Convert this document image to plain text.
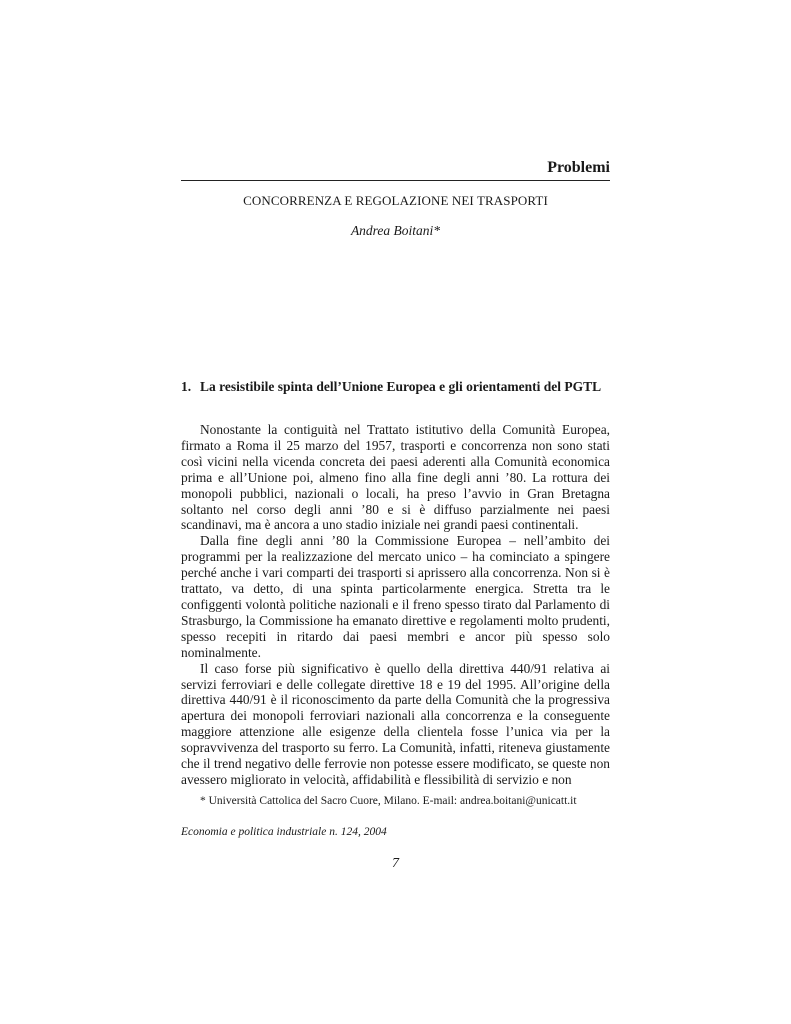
Problemi
CONCORRENZA E REGOLAZIONE NEI TRASPORTI
Andrea Boitani*
1. La resistibile spinta dell’Unione Europea e gli orientamenti del PGTL

Nonostante la contiguità nel Trattato istitutivo della Comunità Europea, firmato a Roma il 25 marzo del 1957, trasporti e concorrenza non sono stati così vicini nella vicenda concreta dei paesi aderenti alla Comunità economica prima e all’Unione poi, almeno fino alla fine degli anni ’80. La rottura dei monopoli pubblici, nazionali o locali, ha preso l’avvio in Gran Bretagna soltanto nel corso degli anni ’80 e si è diffuso parzialmente nei paesi scandinavi, ma è ancora a uno stadio iniziale nei grandi paesi continentali.

Dalla fine degli anni ’80 la Commissione Europea – nell’ambito dei programmi per la realizzazione del mercato unico – ha cominciato a spingere perché anche i vari comparti dei trasporti si aprissero alla concorrenza. Non si è trattato, va detto, di una spinta particolarmente energica. Stretta tra le configgenti volontà politiche nazionali e il freno spesso tirato dal Parlamento di Strasburgo, la Commissione ha emanato direttive e regolamenti molto prudenti, spesso recepiti in ritardo dai paesi membri e ancor più spesso solo nominalmente.

Il caso forse più significativo è quello della direttiva 440/91 relativa ai servizi ferroviari e delle collegate direttive 18 e 19 del 1995. All’origine della direttiva 440/91 è il riconoscimento da parte della Comunità che la progressiva apertura dei monopoli ferroviari nazionali alla concorrenza e la conseguente maggiore attenzione alle esigenze della clientela fosse l’unica via per la sopravvivenza del trasporto su ferro. La Comunità, infatti, riteneva giustamente che il trend negativo delle ferrovie non potesse essere modificato, se queste non avessero migliorato in velocità, affidabilità e flessibilità di servizio e non

* Università Cattolica del Sacro Cuore, Milano. E-mail: andrea.boitani@unicatt.it
Economia e politica industriale n. 124, 2004
7
